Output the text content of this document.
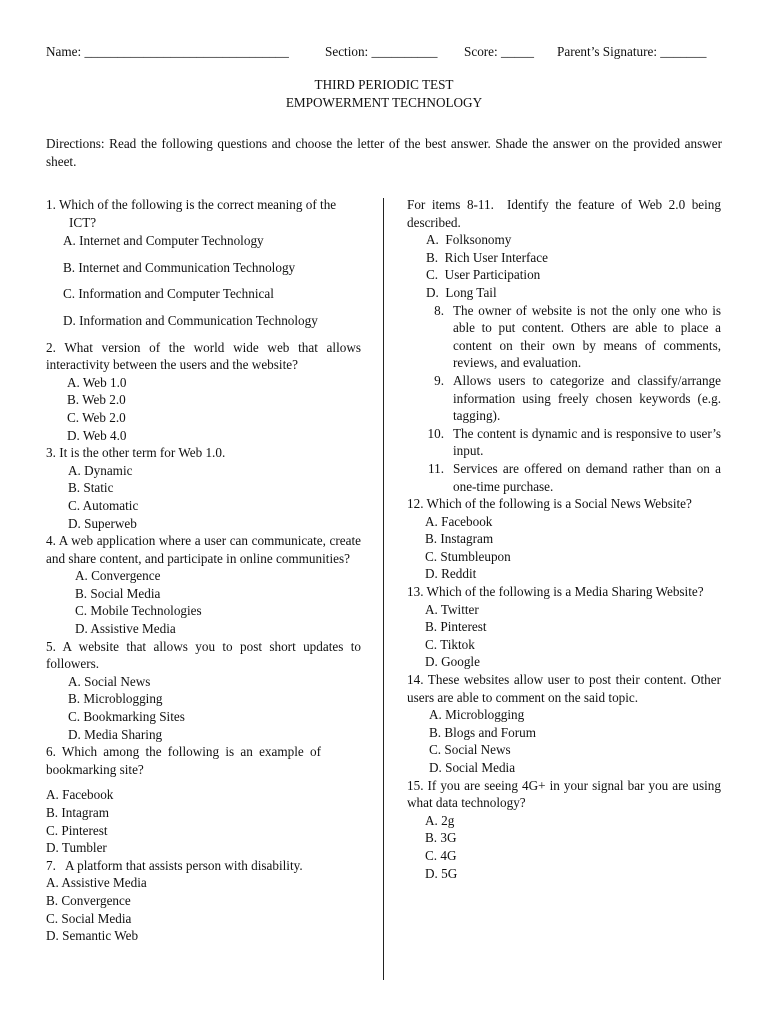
Name: _______________________________	Section: __________ Score: _____ Parent’s Signature: _______
THIRD PERIODIC TEST
EMPOWERMENT TECHNOLOGY
Directions: Read the following questions and choose the letter of the best answer. Shade the answer on the provided answer sheet.
1. Which of the following is the correct meaning of the
ICT?
A. Internet and Computer Technology
B. Internet and Communication Technology
C. Information and Computer Technical
D. Information and Communication Technology
2. What version of the world wide web that allows interactivity between the users and the website?
A. Web 1.0
B. Web 2.0
C. Web 2.0
D. Web 4.0
3. It is the other term for Web 1.0.
A. Dynamic
B. Static
C. Automatic
D. Superweb
4. A web application where a user can communicate, create and share content, and participate in online communities?
A. Convergence
B. Social Media
C. Mobile Technologies
D. Assistive Media
5. A website that allows you to post short updates to followers.
A. Social News
B. Microblogging
C. Bookmarking Sites
D. Media Sharing
6. Which among the following is an example of bookmarking site?
A. Facebook
B. Intagram
C. Pinterest
D. Tumbler
7.   A platform that assists person with disability.
A. Assistive Media
B. Convergence
C. Social Media
D. Semantic Web
For items 8-11.  Identify the feature of Web 2.0 being described.
A.  Folksonomy
B.  Rich User Interface
C.  User Participation
D.  Long Tail
8. The owner of website is not the only one who is able to put content. Others are able to place a content on their own by means of comments, reviews, and evaluation.
9. Allows users to categorize and classify/arrange information using freely chosen keywords (e.g. tagging).
10. The content is dynamic and is responsive to user’s input.
11. Services are offered on demand rather than on a one-time purchase.
12. Which of the following is a Social News Website?
A. Facebook
B. Instagram
C. Stumbleupon
D. Reddit
13. Which of the following is a Media Sharing Website?
A. Twitter
B. Pinterest
C. Tiktok
D. Google
14. These websites allow user to post their content. Other users are able to comment on the said topic.
A. Microblogging
B. Blogs and Forum
C. Social News
D. Social Media
15. If you are seeing 4G+ in your signal bar you are using what data technology?
A. 2g
B. 3G
C. 4G
D. 5G
